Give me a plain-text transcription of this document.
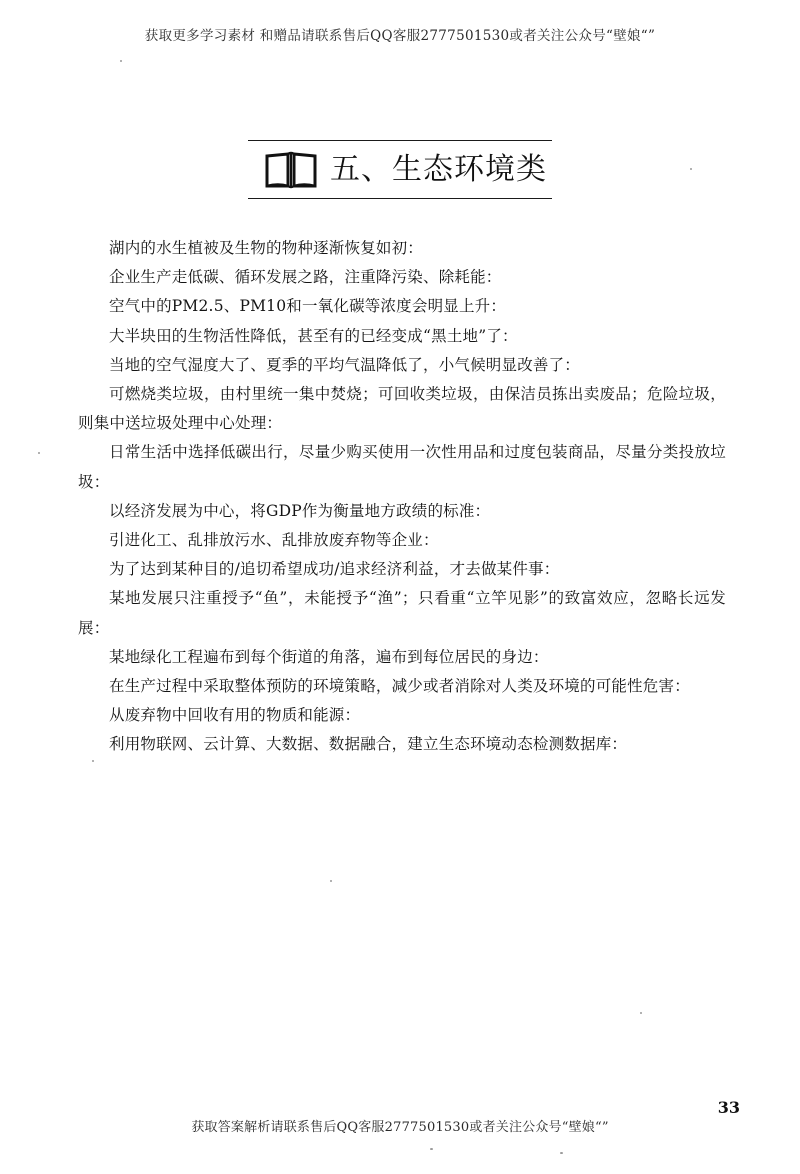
获取更多学习素材 和赠品请联系售后QQ客服2777501530或者关注公众号“壁娘“”
五、生态环境类

湖内的水生植被及生物的物种逐渐恢复如初：

企业生产走低碳、循环发展之路，注重降污染、除耗能：

空气中的PM2.5、PM10和一氧化碳等浓度会明显上升：

大半块田的生物活性降低，甚至有的已经变成“黑土地”了：

当地的空气湿度大了、夏季的平均气温降低了，小气候明显改善了：

可燃烧类垃圾，由村里统一集中焚烧；可回收类垃圾，由保洁员拣出卖废品；危险垃圾，则集中送垃圾处理中心处理：

日常生活中选择低碳出行，尽量少购买使用一次性用品和过度包装商品，尽量分类投放垃圾：

以经济发展为中心，将GDP作为衡量地方政绩的标准：

引进化工、乱排放污水、乱排放废弃物等企业：

为了达到某种目的/追切希望成功/追求经济利益，才去做某件事：

某地发展只注重授予“鱼”，未能授予“渔”；只看重“立竿见影”的致富效应，忽略长远发展：

某地绿化工程遍布到每个街道的角落，遍布到每位居民的身边：

在生产过程中采取整体预防的环境策略，减少或者消除对人类及环境的可能性危害：

从废弃物中回收有用的物质和能源：

利用物联网、云计算、大数据、数据融合，建立生态环境动态检测数据库：

33
获取答案解析请联系售后QQ客服2777501530或者关注公众号“壁娘“”
